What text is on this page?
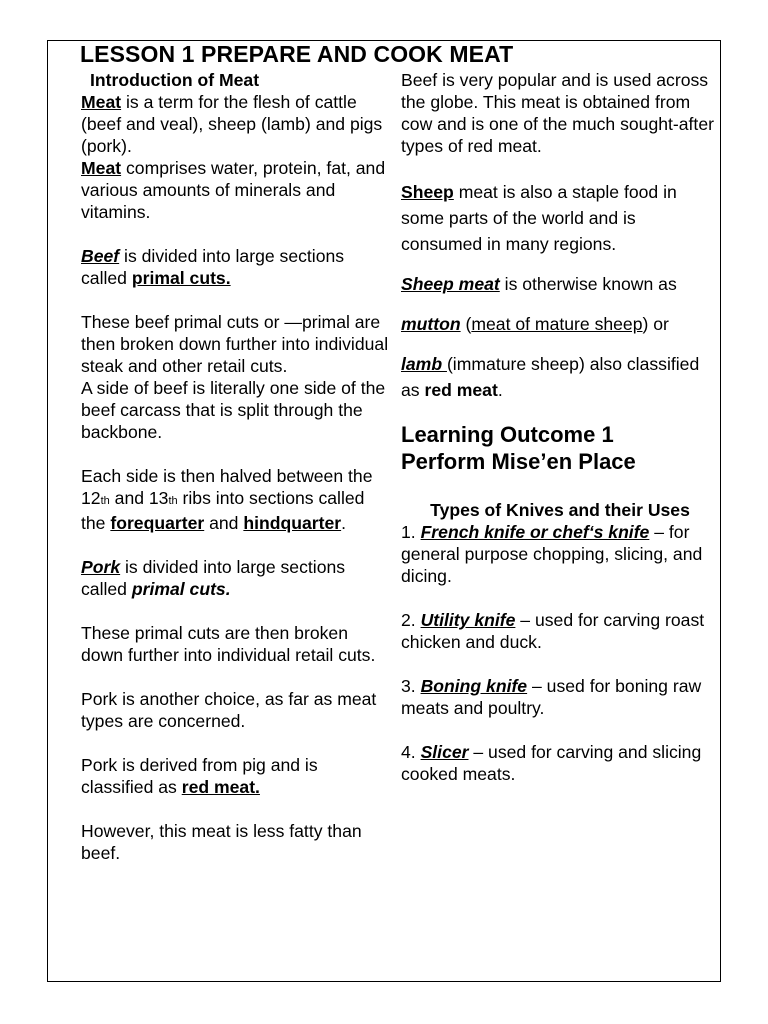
LESSON 1 PREPARE AND COOK MEAT

Introduction of Meat

Meat is a term for the flesh of cattle (beef and veal), sheep (lamb) and pigs (pork).

Meat comprises water, protein, fat, and various amounts of minerals and vitamins.

Beef is divided into large sections called primal cuts.

These beef primal cuts or —primal are then broken down further into individual steak and other retail cuts.

A side of beef is literally one side of the beef carcass that is split through the backbone.

Each side is then halved between the 12th and 13th ribs into sections called the forequarter and hindquarter.

Pork is divided into large sections called primal cuts.

These primal cuts are then broken down further into individual retail cuts.

Pork is another choice, as far as meat types are concerned.

Pork is derived from pig and is classified as red meat.

However, this meat is less fatty than beef.

Beef is very popular and is used across the globe. This meat is obtained from cow and is one of the much sought-after types of red meat.

Sheep meat is also a staple food in some parts of the world and is consumed in many regions.

Sheep meat is otherwise known as

mutton (meat of mature sheep) or

lamb (immature sheep) also classified as red meat.

Learning Outcome 1

Perform Mise’en Place

Types of Knives and their Uses

1. French knife or chef‘s knife – for general purpose chopping, slicing, and dicing.

2. Utility knife – used for carving roast chicken and duck.

3. Boning knife – used for boning raw meats and poultry.

4. Slicer – used for carving and slicing cooked meats.
